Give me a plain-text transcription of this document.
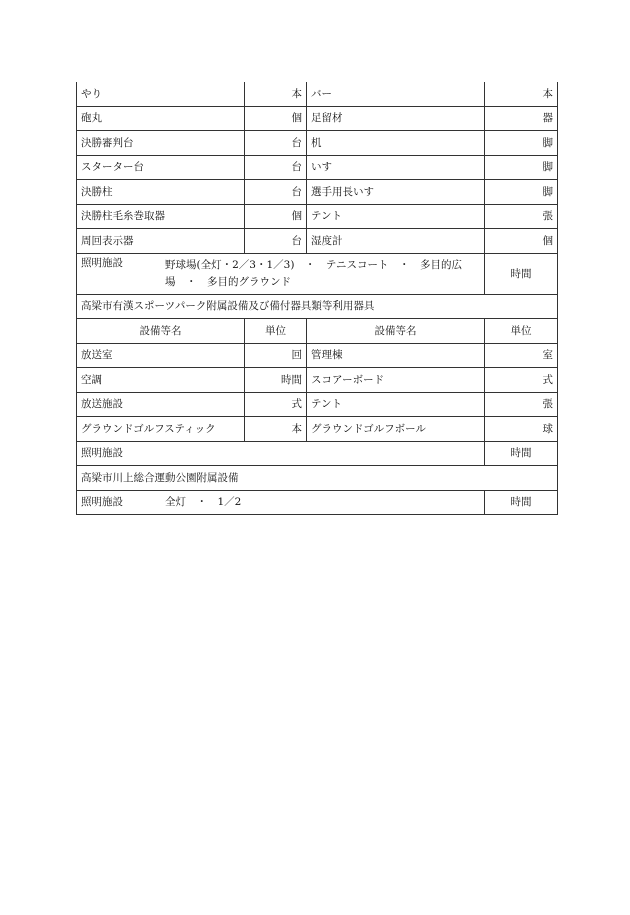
やり	本	バー	本
砲丸	個	足留材	器
決勝審判台	台	机	脚
スターター台	台	いす	脚
決勝柱	台	選手用長いす	脚
決勝柱毛糸巻取器	個	テント	張
周回表示器	台	湿度計	個
照明施設 野球場(全灯・2／3・1／3)　・　テニスコート　・　多目的広場　・　多目的グラウンド			時間
高梁市有漢スポーツパーク附属設備及び備付器具類等利用器具			
設備等名	単位	設備等名	単位
放送室	回	管理棟	室
空調	時間	スコアーボード	式
放送施設	式	テント	張
グラウンドゴルフスティック	本	グラウンドゴルフボール	球
照明施設			時間
高梁市川上総合運動公園附属設備			
照明施設 全灯　・　1／2			時間
